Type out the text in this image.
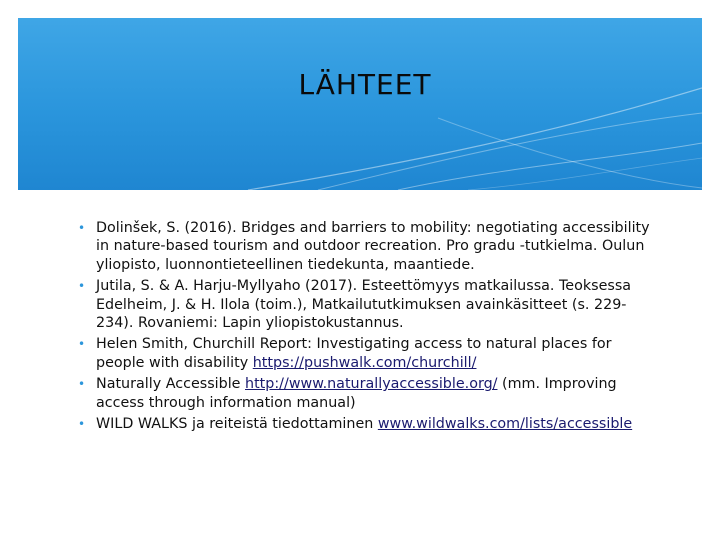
LÄHTEET
• Dolinšek, S. (2016). Bridges and barriers to mobility: negotiating accessibility in nature-based tourism and outdoor recreation. Pro gradu -tutkielma. Oulun yliopisto, luonnontieteellinen tiedekunta, maantiede.
• Jutila, S. & A. Harju-Myllyaho (2017). Esteettömyys matkailussa. Teoksessa Edelheim, J. & H. Ilola (toim.), Matkailututkimuksen avainkäsitteet (s. 229-234). Rovaniemi: Lapin yliopistokustannus.
• Helen Smith, Churchill Report: Investigating access to natural places for people with disability https://pushwalk.com/churchill/
• Naturally Accessible http://www.naturallyaccessible.org/ (mm. Improving access through information manual)
• WILD WALKS ja reiteistä tiedottaminen www.wildwalks.com/lists/accessible
